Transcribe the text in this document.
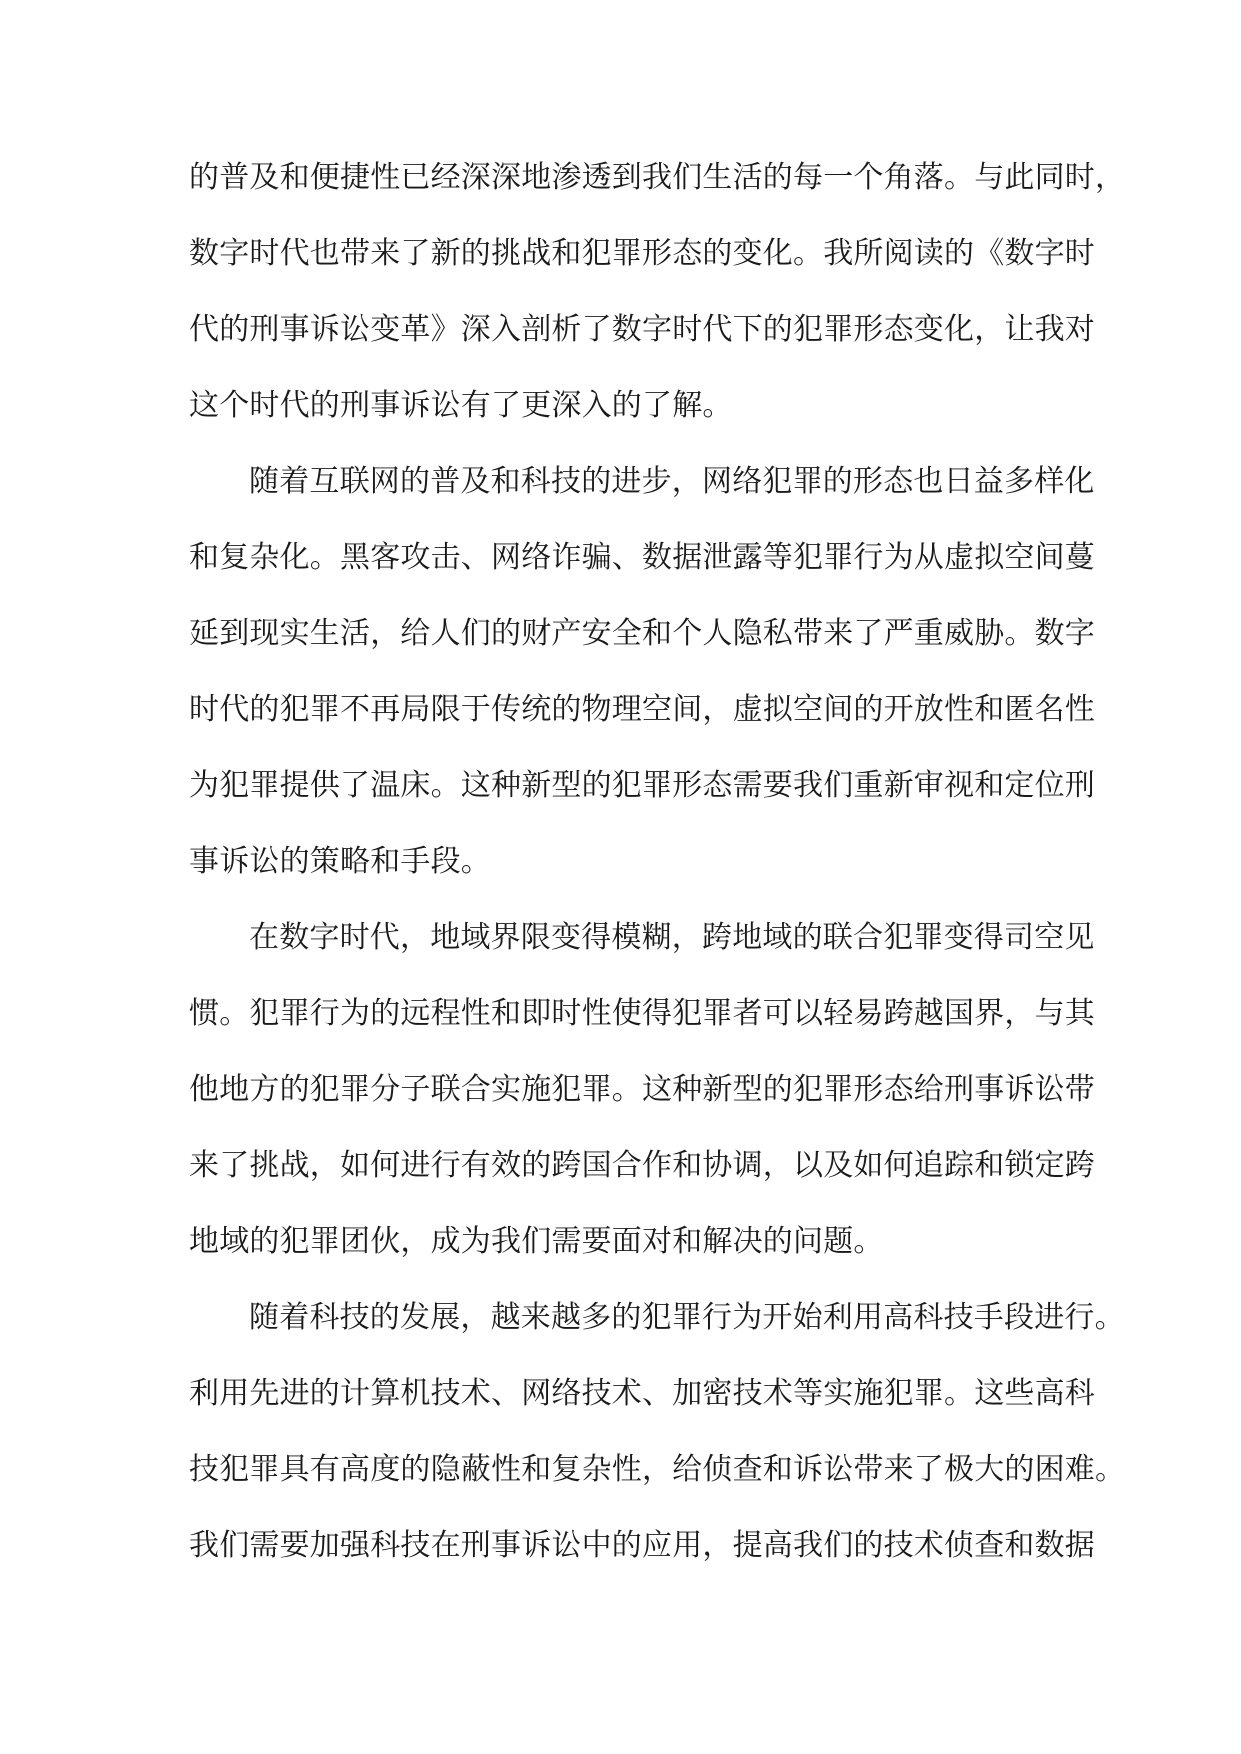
的普及和便捷性已经深深地渗透到我们生活的每一个角落。与此同时，
数字时代也带来了新的挑战和犯罪形态的变化。我所阅读的《数字时
代的刑事诉讼变革》深入剖析了数字时代下的犯罪形态变化，让我对
这个时代的刑事诉讼有了更深入的了解。
随着互联网的普及和科技的进步，网络犯罪的形态也日益多样化
和复杂化。黑客攻击、网络诈骗、数据泄露等犯罪行为从虚拟空间蔓
延到现实生活，给人们的财产安全和个人隐私带来了严重威胁。数字
时代的犯罪不再局限于传统的物理空间，虚拟空间的开放性和匿名性
为犯罪提供了温床。这种新型的犯罪形态需要我们重新审视和定位刑
事诉讼的策略和手段。
在数字时代，地域界限变得模糊，跨地域的联合犯罪变得司空见
惯。犯罪行为的远程性和即时性使得犯罪者可以轻易跨越国界，与其
他地方的犯罪分子联合实施犯罪。这种新型的犯罪形态给刑事诉讼带
来了挑战，如何进行有效的跨国合作和协调，以及如何追踪和锁定跨
地域的犯罪团伙，成为我们需要面对和解决的问题。
随着科技的发展，越来越多的犯罪行为开始利用高科技手段进行。
利用先进的计算机技术、网络技术、加密技术等实施犯罪。这些高科
技犯罪具有高度的隐蔽性和复杂性，给侦查和诉讼带来了极大的困难。
我们需要加强科技在刑事诉讼中的应用，提高我们的技术侦查和数据
